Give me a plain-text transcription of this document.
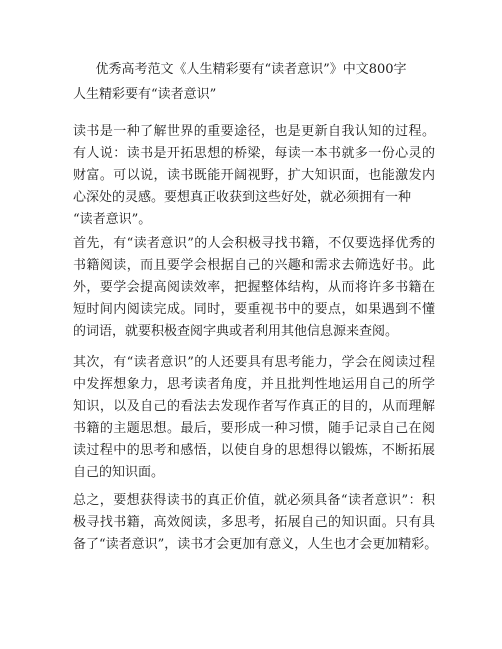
优秀高考范文《人生精彩要有“读者意识”》中文800字
人生精彩要有“读者意识”

读书是一种了解世界的重要途径，也是更新自我认知的过程。
有人说：读书是开拓思想的桥梁，每读一本书就多一份心灵的
财富。可以说，读书既能开阔视野，扩大知识面，也能激发内
心深处的灵感。要想真正收获到这些好处，就必须拥有一种
“读者意识”。

首先，有“读者意识”的人会积极寻找书籍，不仅要选择优秀的
书籍阅读，而且要学会根据自己的兴趣和需求去筛选好书。此
外，要学会提高阅读效率，把握整体结构，从而将许多书籍在
短时间内阅读完成。同时，要重视书中的要点，如果遇到不懂
的词语，就要积极查阅字典或者利用其他信息源来查阅。

其次，有“读者意识”的人还要具有思考能力，学会在阅读过程
中发挥想象力，思考读者角度，并且批判性地运用自己的所学
知识，以及自己的看法去发现作者写作真正的目的，从而理解
书籍的主题思想。最后，要形成一种习惯，随手记录自己在阅
读过程中的思考和感悟，以使自身的思想得以锻炼，不断拓展
自己的知识面。

总之，要想获得读书的真正价值，就必须具备“读者意识”：积
极寻找书籍，高效阅读，多思考，拓展自己的知识面。只有具
备了“读者意识”，读书才会更加有意义，人生也才会更加精彩。
